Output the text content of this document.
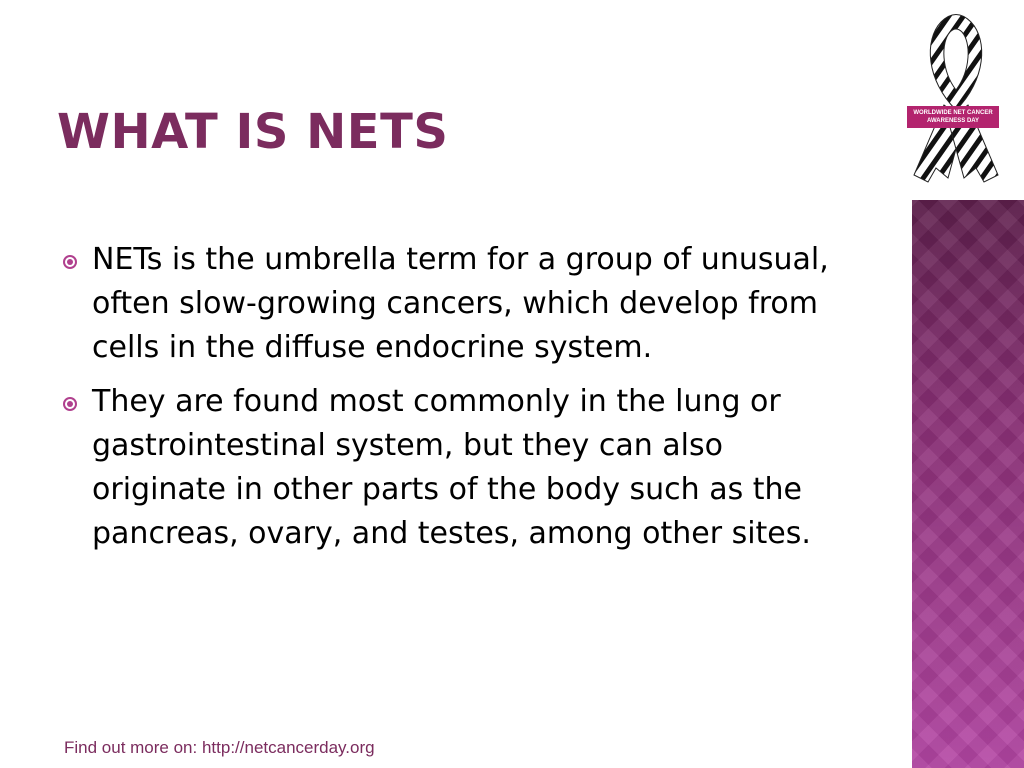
WHAT IS NETS
NETs is the umbrella term for a group of unusual, often slow-growing cancers, which develop from cells in the diffuse endocrine system.
They are found most commonly in the lung or gastrointestinal system, but they can also originate in other parts of the body such as the pancreas, ovary, and testes, among other sites.
Find out more on: http://netcancerday.org
WORLDWIDE NET CANCER
AWARENESS DAY
